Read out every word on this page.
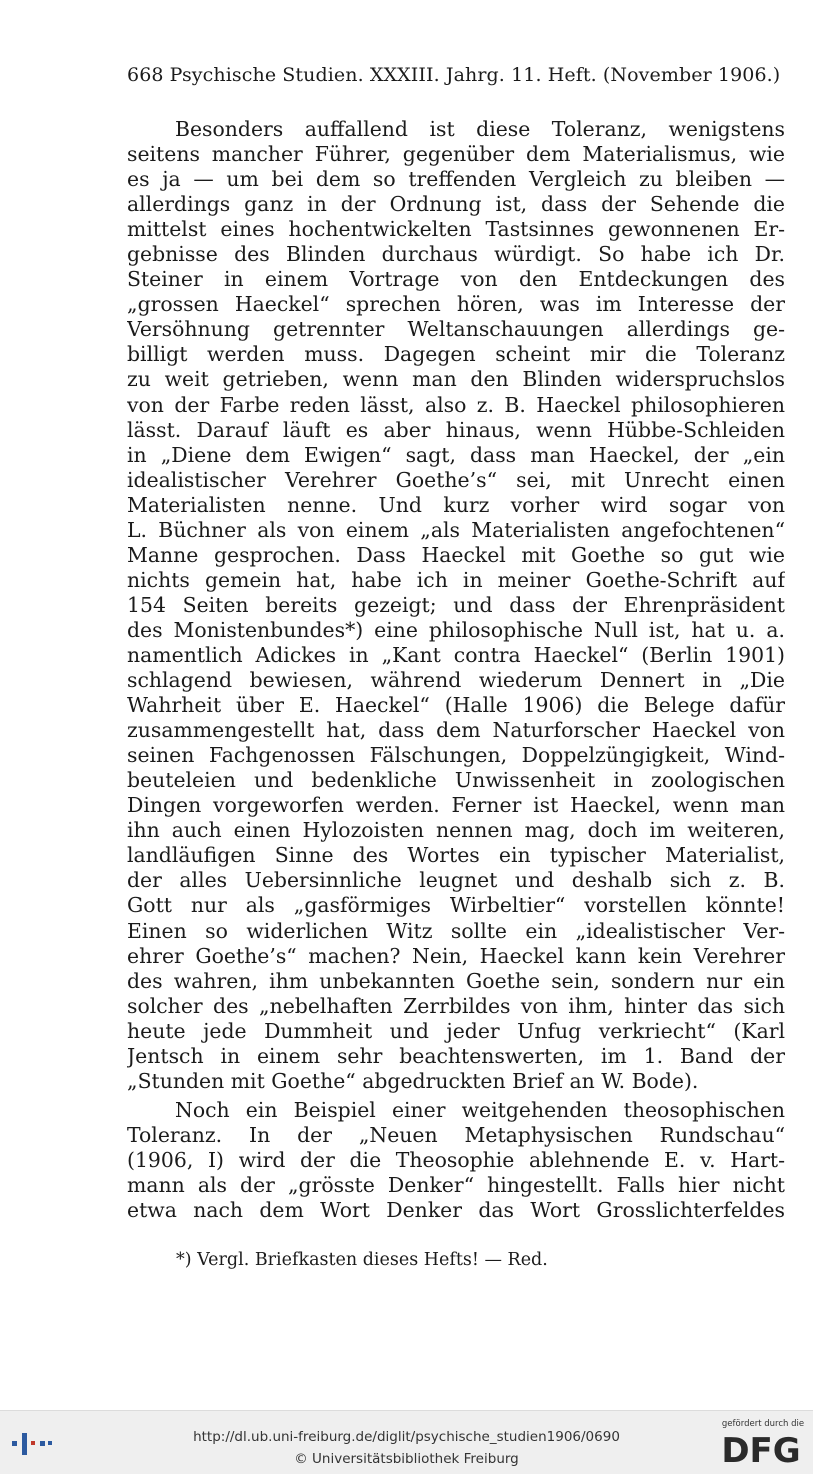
668 Psychische Studien. XXXIII. Jahrg. 11. Heft. (November 1906.)
Besonders auffallend ist diese Toleranz, wenigstens
seitens mancher Führer, gegenüber dem Materialismus, wie
es ja — um bei dem so treffenden Vergleich zu bleiben —
allerdings ganz in der Ordnung ist, dass der Sehende die
mittelst eines hochentwickelten Tastsinnes gewonnenen Er-
gebnisse des Blinden durchaus würdigt. So habe ich Dr.
Steiner in einem Vortrage von den Entdeckungen des
„grossen Haeckel“ sprechen hören, was im Interesse der
Versöhnung getrennter Weltanschauungen allerdings ge-
billigt werden muss. Dagegen scheint mir die Toleranz
zu weit getrieben, wenn man den Blinden widerspruchslos
von der Farbe reden lässt, also z. B. Haeckel philosophieren
lässt. Darauf läuft es aber hinaus, wenn Hübbe-Schleiden
in „Diene dem Ewigen“ sagt, dass man Haeckel, der „ein
idealistischer Verehrer Goethe’s“ sei, mit Unrecht einen
Materialisten nenne. Und kurz vorher wird sogar von
L. Büchner als von einem „als Materialisten angefochtenen“
Manne gesprochen. Dass Haeckel mit Goethe so gut wie
nichts gemein hat, habe ich in meiner Goethe-Schrift auf
154 Seiten bereits gezeigt; und dass der Ehrenpräsident
des Monistenbundes*) eine philosophische Null ist, hat u. a.
namentlich Adickes in „Kant contra Haeckel“ (Berlin 1901)
schlagend bewiesen, während wiederum Dennert in „Die
Wahrheit über E. Haeckel“ (Halle 1906) die Belege dafür
zusammengestellt hat, dass dem Naturforscher Haeckel von
seinen Fachgenossen Fälschungen, Doppelzüngigkeit, Wind-
beuteleien und bedenkliche Unwissenheit in zoologischen
Dingen vorgeworfen werden. Ferner ist Haeckel, wenn man
ihn auch einen Hylozoisten nennen mag, doch im weiteren,
landläufigen Sinne des Wortes ein typischer Materialist,
der alles Uebersinnliche leugnet und deshalb sich z. B.
Gott nur als „gasförmiges Wirbeltier“ vorstellen könnte!
Einen so widerlichen Witz sollte ein „idealistischer Ver-
ehrer Goethe’s“ machen? Nein, Haeckel kann kein Verehrer
des wahren, ihm unbekannten Goethe sein, sondern nur ein
solcher des „nebelhaften Zerrbildes von ihm, hinter das sich
heute jede Dummheit und jeder Unfug verkriecht“ (Karl
Jentsch in einem sehr beachtenswerten, im 1. Band der
„Stunden mit Goethe“ abgedruckten Brief an W. Bode).
Noch ein Beispiel einer weitgehenden theosophischen
Toleranz. In der „Neuen Metaphysischen Rundschau“
(1906, I) wird der die Theosophie ablehnende E. v. Hart-
mann als der „grösste Denker“ hingestellt. Falls hier nicht
etwa nach dem Wort Denker das Wort Grosslichterfeldes
*) Vergl. Briefkasten dieses Hefts! — Red.
http://dl.ub.uni-freiburg.de/diglit/psychische_studien1906/0690
© Universitätsbibliothek Freiburg
gefördert durch die
DFG
